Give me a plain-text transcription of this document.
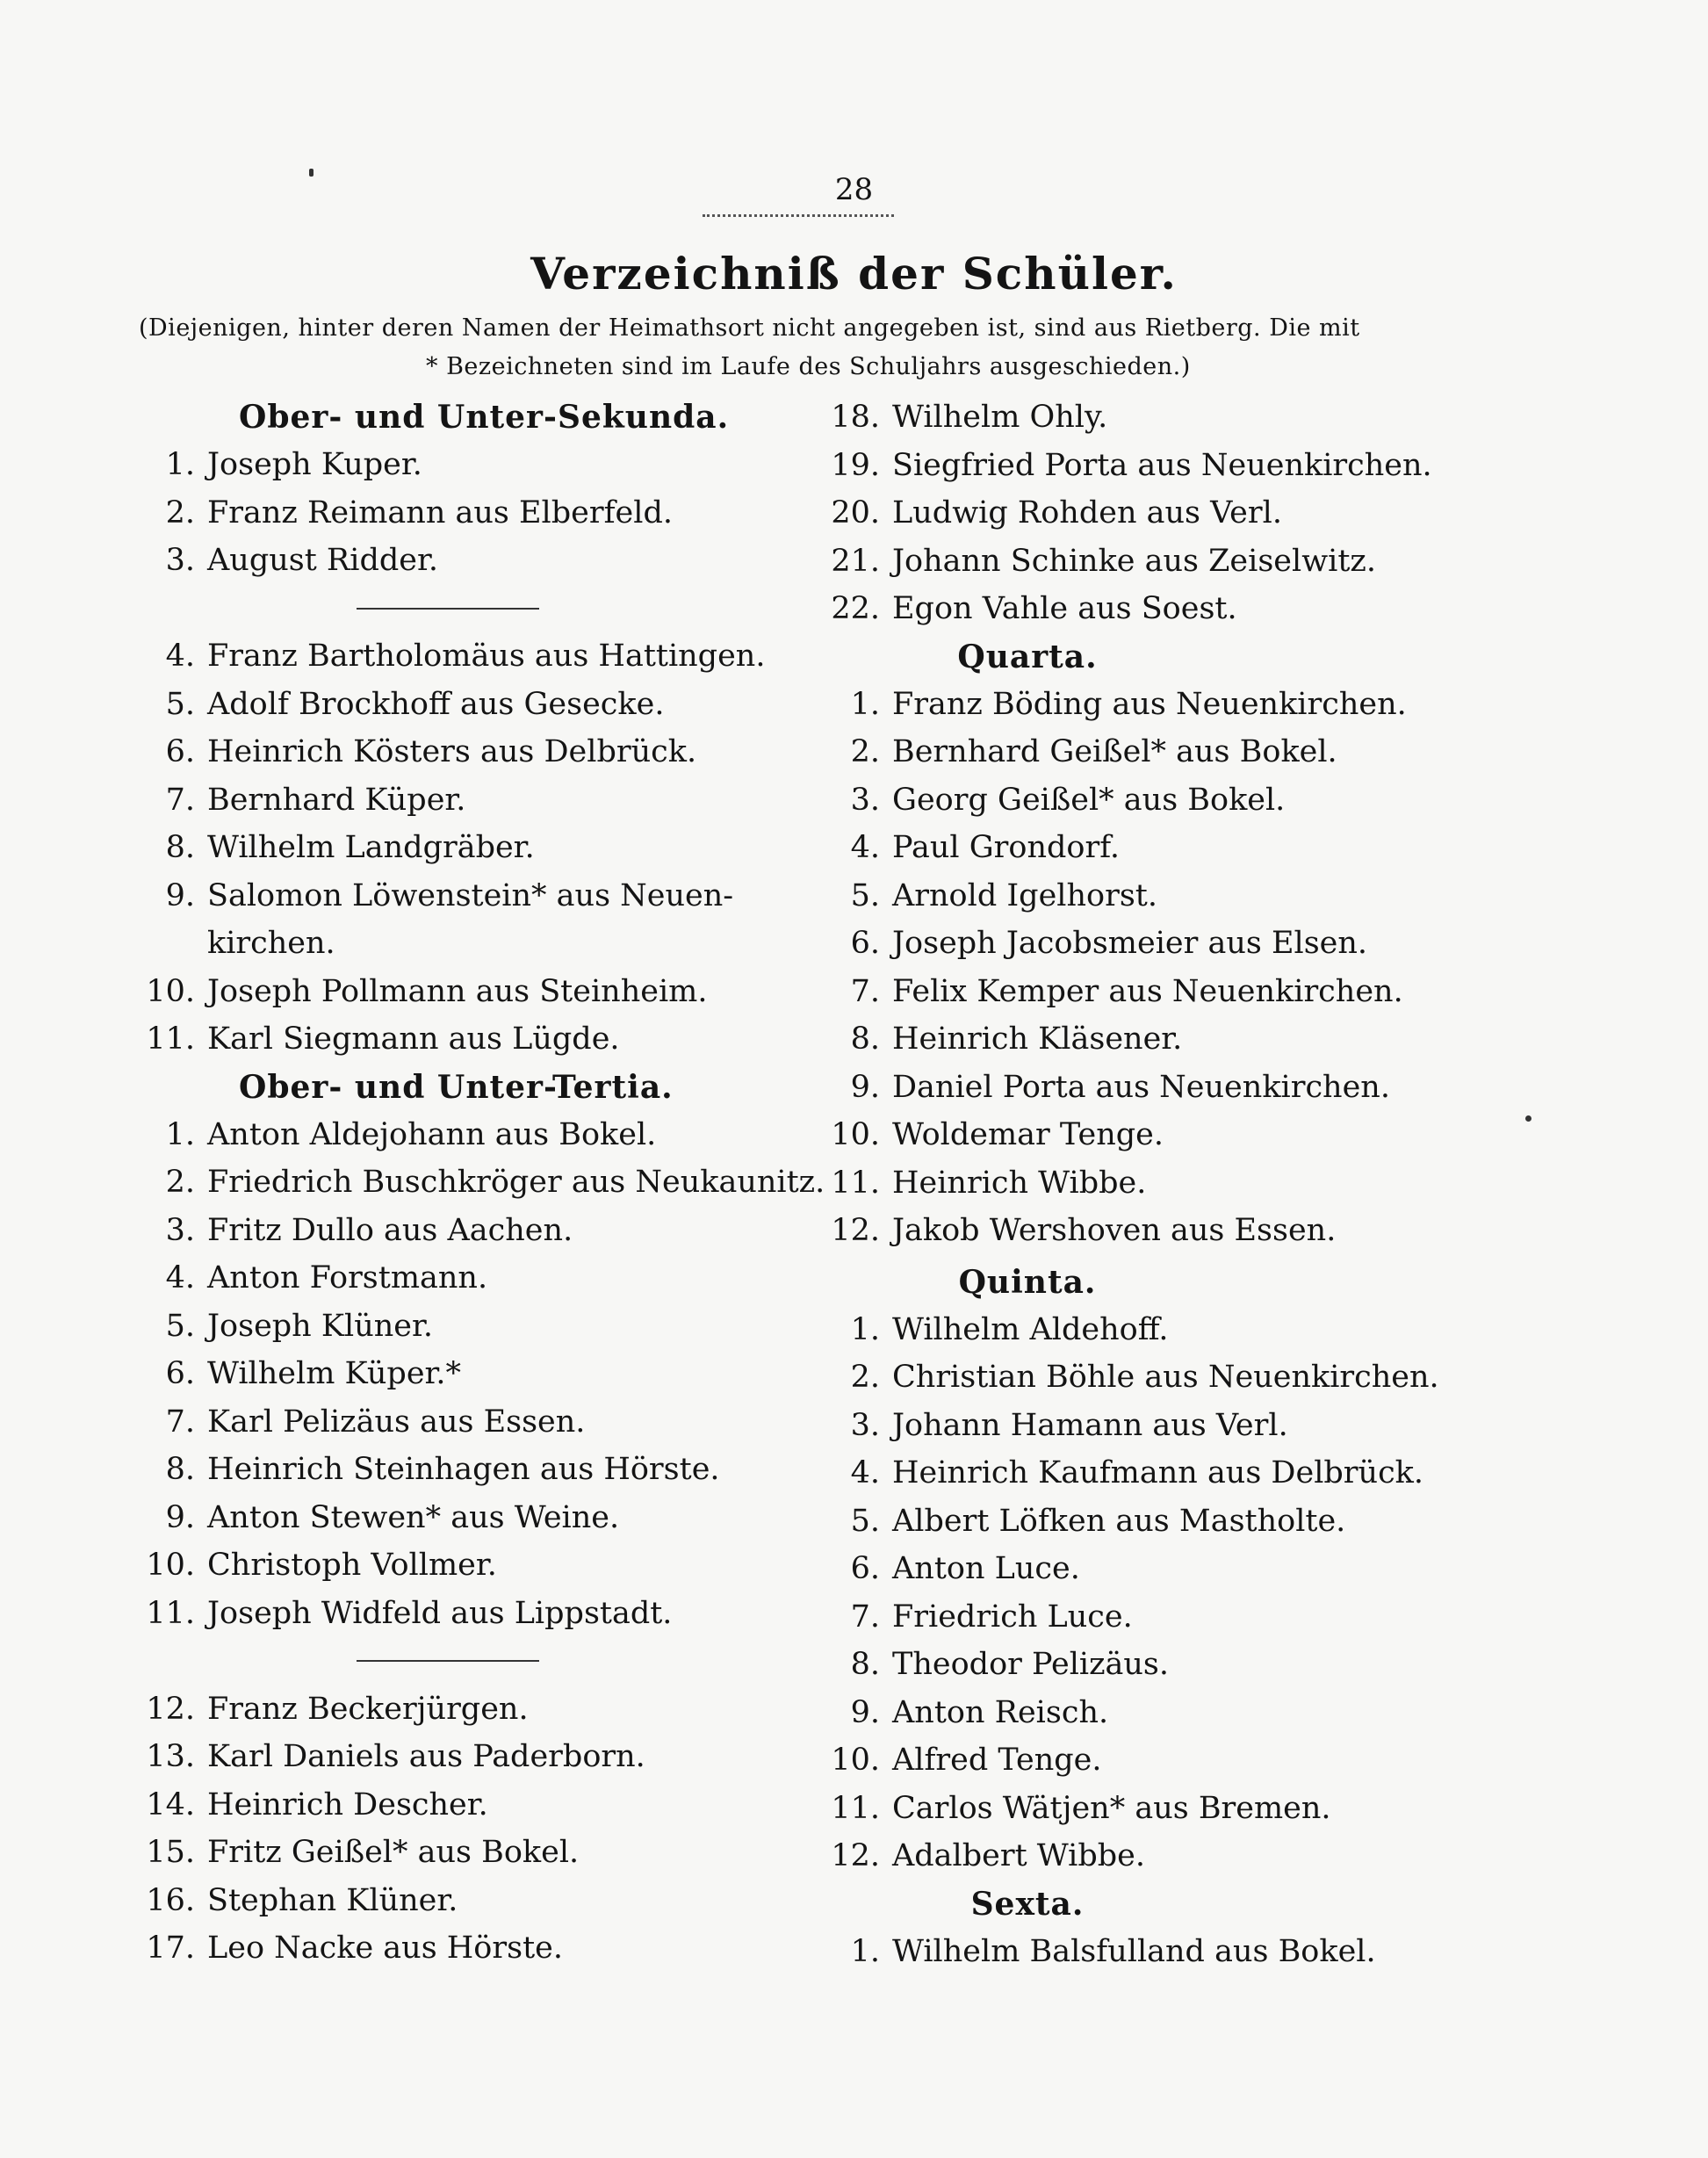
28
Verzeichniß der Schüler.
(Diejenigen, hinter deren Namen der Heimathsort nicht angegeben ist, sind aus Rietberg. Die mit
* Bezeichneten sind im Laufe des Schuljahrs ausgeschieden.)
Ober- und Unter-Sekunda.
1. Joseph Kuper.
2. Franz Reimann aus Elberfeld.
3. August Ridder.
4. Franz Bartholomäus aus Hattingen.
5. Adolf Brockhoff aus Gesecke.
6. Heinrich Kösters aus Delbrück.
7. Bernhard Küper.
8. Wilhelm Landgräber.
9. Salomon Löwenstein* aus Neuen-
kirchen.
10. Joseph Pollmann aus Steinheim.
11. Karl Siegmann aus Lügde.
Ober- und Unter-Tertia.
1. Anton Aldejohann aus Bokel.
2. Friedrich Buschkröger aus Neukaunitz.
3. Fritz Dullo aus Aachen.
4. Anton Forstmann.
5. Joseph Klüner.
6. Wilhelm Küper.*
7. Karl Pelizäus aus Essen.
8. Heinrich Steinhagen aus Hörste.
9. Anton Stewen* aus Weine.
10. Christoph Vollmer.
11. Joseph Widfeld aus Lippstadt.
12. Franz Beckerjürgen.
13. Karl Daniels aus Paderborn.
14. Heinrich Descher.
15. Fritz Geißel* aus Bokel.
16. Stephan Klüner.
17. Leo Nacke aus Hörste.
18. Wilhelm Ohly.
19. Siegfried Porta aus Neuenkirchen.
20. Ludwig Rohden aus Verl.
21. Johann Schinke aus Zeiselwitz.
22. Egon Vahle aus Soest.
Quarta.
1. Franz Böding aus Neuenkirchen.
2. Bernhard Geißel* aus Bokel.
3. Georg Geißel* aus Bokel.
4. Paul Grondorf.
5. Arnold Igelhorst.
6. Joseph Jacobsmeier aus Elsen.
7. Felix Kemper aus Neuenkirchen.
8. Heinrich Kläsener.
9. Daniel Porta aus Neuenkirchen.
10. Woldemar Tenge.
11. Heinrich Wibbe.
12. Jakob Wershoven aus Essen.
Quinta.
1. Wilhelm Aldehoff.
2. Christian Böhle aus Neuenkirchen.
3. Johann Hamann aus Verl.
4. Heinrich Kaufmann aus Delbrück.
5. Albert Löfken aus Mastholte.
6. Anton Luce.
7. Friedrich Luce.
8. Theodor Pelizäus.
9. Anton Reisch.
10. Alfred Tenge.
11. Carlos Wätjen* aus Bremen.
12. Adalbert Wibbe.
Sexta.
1. Wilhelm Balsfulland aus Bokel.
